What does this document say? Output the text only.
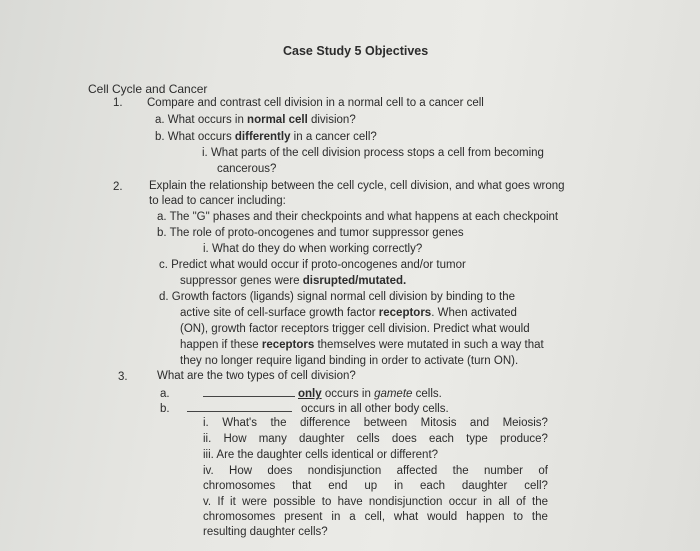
Case Study 5 Objectives
Cell Cycle and Cancer
1. Compare and contrast cell division in a normal cell to a cancer cell
a. What occurs in normal cell division?
b. What occurs differently in a cancer cell?
i. What parts of the cell division process stops a cell from becoming
cancerous?
2. Explain the relationship between the cell cycle, cell division, and what goes wrong
to lead to cancer including:
a. The "G" phases and their checkpoints and what happens at each checkpoint
b. The role of proto-oncogenes and tumor suppressor genes
i. What do they do when working correctly?
c. Predict what would occur if proto-oncogenes and/or tumor
suppressor genes were disrupted/mutated.
d. Growth factors (ligands) signal normal cell division by binding to the
active site of cell-surface growth factor receptors. When activated
(ON), growth factor receptors trigger cell division. Predict what would
happen if these receptors themselves were mutated in such a way that
they no longer require ligand binding in order to activate (turn ON).
3.	What are the two types of cell division?
a.	only occurs in gamete cells.
b.	occurs in all other body cells.
i. What's the difference between Mitosis and Meiosis?
ii. How many daughter cells does each type produce?
iii. Are the daughter cells identical or different?
iv. How does nondisjunction affected the number of
chromosomes that end up in each daughter cell?
v. If it were possible to have nondisjunction occur in all of the
chromosomes present in a cell, what would happen to the
resulting daughter cells?
